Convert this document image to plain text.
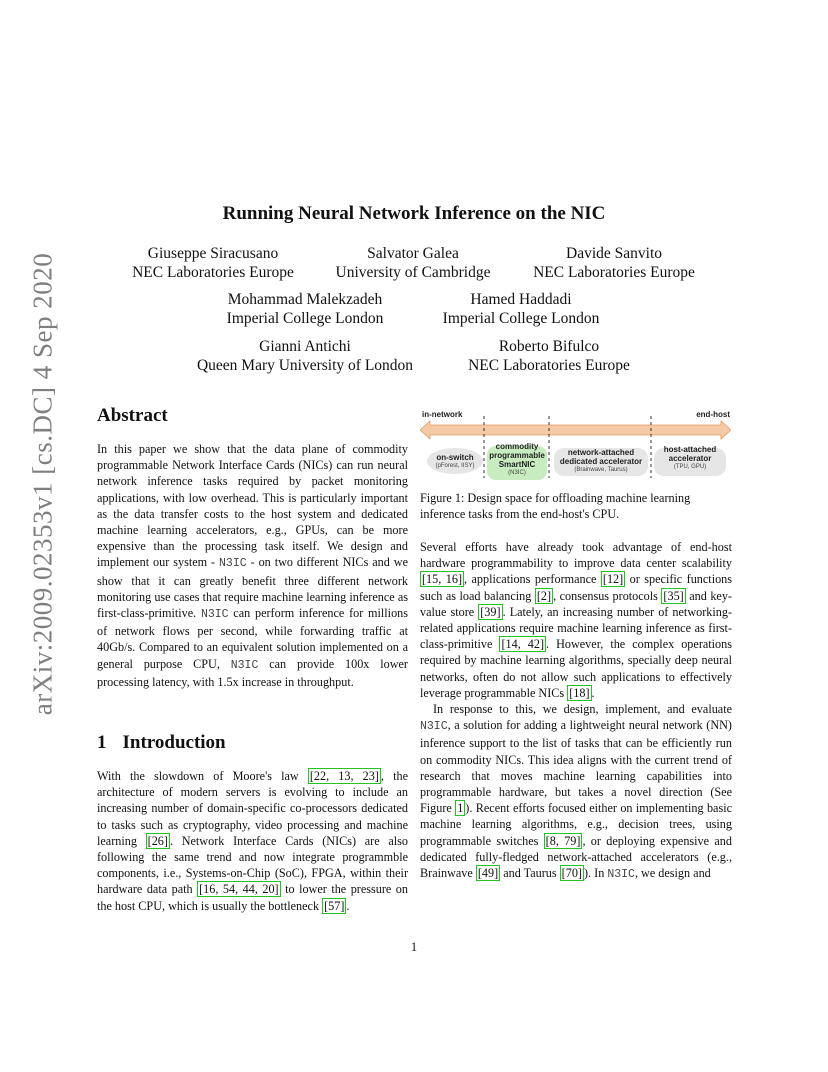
arXiv:2009.02353v1 [cs.DC] 4 Sep 2020
Running Neural Network Inference on the NIC
Giuseppe Siracusano
NEC Laboratories Europe
Salvator Galea
University of Cambridge
Davide Sanvito
NEC Laboratories Europe
Mohammad Malekzadeh
Imperial College London
Hamed Haddadi
Imperial College London
Gianni Antichi
Queen Mary University of London
Roberto Bifulco
NEC Laboratories Europe
Abstract

In this paper we show that the data plane of commodity programmable Network Interface Cards (NICs) can run neural network inference tasks required by packet monitoring applications, with low overhead. This is particularly important as the data transfer costs to the host system and dedicated machine learning accelerators, e.g., GPUs, can be more expensive than the processing task itself. We design and implement our system - N3IC - on two different NICs and we show that it can greatly benefit three different network monitoring use cases that require machine learning inference as first-class-primitive. N3IC can perform inference for millions of network flows per second, while forwarding traffic at 40Gb/s. Compared to an equivalent solution implemented on a general purpose CPU, N3IC can provide 100x lower processing latency, with 1.5x increase in throughput.

1 Introduction

With the slowdown of Moore's law [22, 13, 23] , the architecture of modern servers is evolving to include an increasing number of domain-specific co-processors dedicated to tasks such as cryptography, video processing and machine learning [26] . Network Interface Cards (NICs) are also following the same trend and now integrate programmble components, i.e., Systems-on-Chip (SoC), FPGA, within their hardware data path [16, 54, 44, 20] to lower the pressure on the host CPU, which is usually the bottleneck [57] .

in-network	end-host
on-switch
(pForest, IISY)
commodity programmable SmartNIC
(N3IC)
network-attached dedicated accelerator
(Brainwave, Taurus)
host-attached accelerator
(TPU, GPU)
Figure 1: Design space for offloading machine learning inference tasks from the end-host's CPU.

Several efforts have already took advantage of end-host hardware programmability to improve data center scalability [15, 16] , applications performance [12] or specific functions such as load balancing [2] , consensus protocols [35] and key-value store [39] . Lately, an increasing number of networking-related applications require machine learning inference as first-class-primitive [14, 42] . However, the complex operations required by machine learning algorithms, specially deep neural networks, often do not allow such applications to effectively leverage programmable NICs [18] .

In response to this, we design, implement, and evaluate N3IC, a solution for adding a lightweight neural network (NN) inference support to the list of tasks that can be efficiently run on commodity NICs. This idea aligns with the current trend of research that moves machine learning capabilities into programmable hardware, but takes a novel direction (See Figure 1 ). Recent efforts focused either on implementing basic machine learning algorithms, e.g., decision trees, using programmable switches [8, 79] , or deploying expensive and dedicated fully-fledged network-attached accelerators (e.g., Brainwave [49] and Taurus [70] ). In N3IC, we design and

1
